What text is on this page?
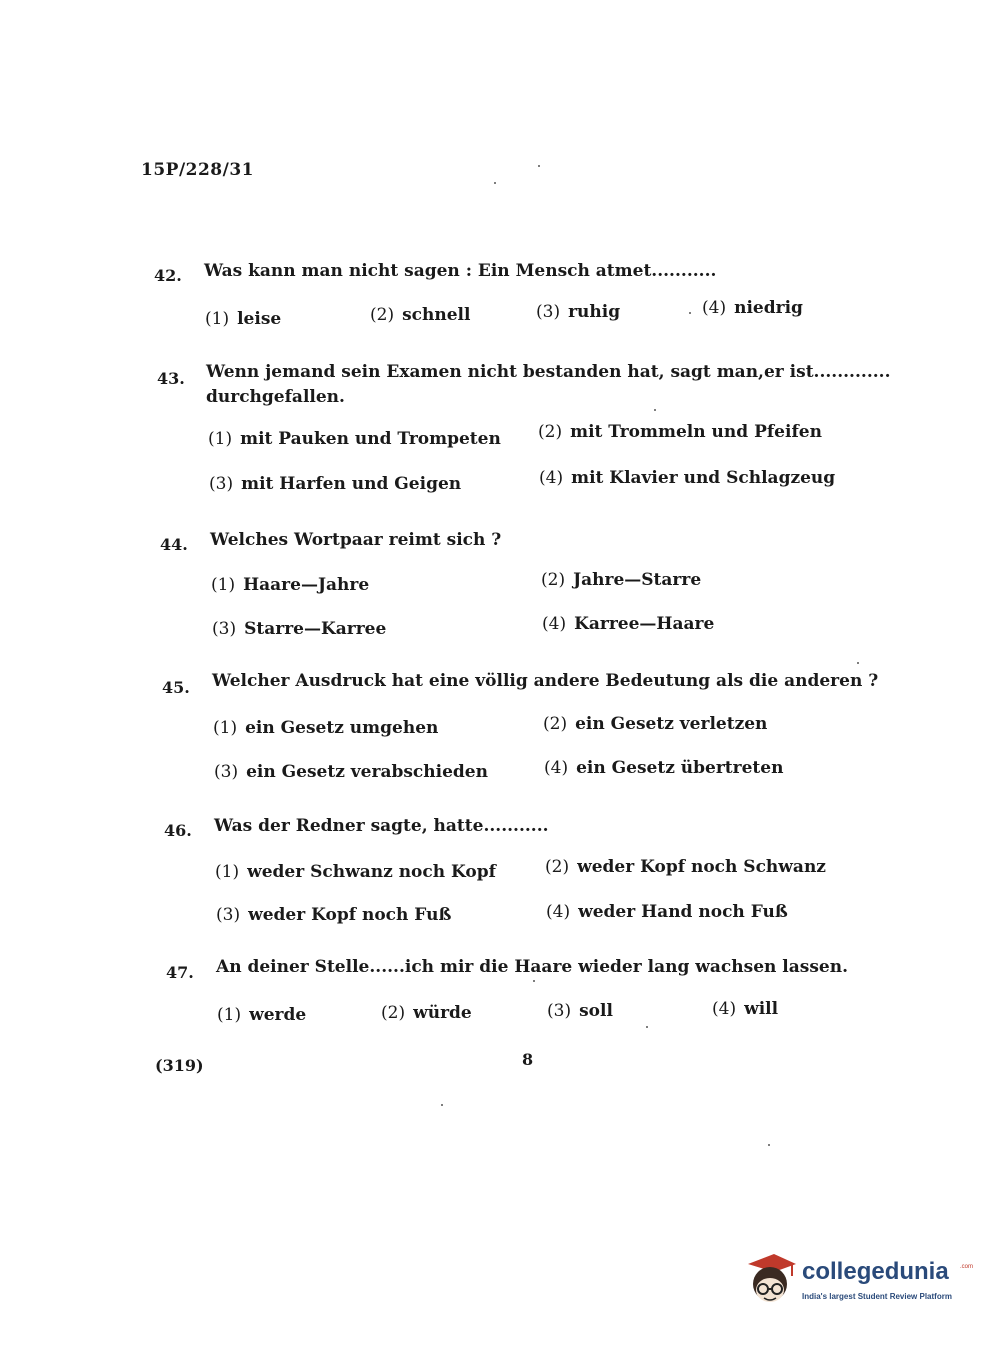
15P/228/31
42. Was kann man nicht sagen : Ein Mensch atmet...........
(1) leise	(2) schnell	(3) ruhig	(4) niedrig
43. Wenn jemand sein Examen nicht bestanden hat, sagt man,er ist.............
durchgefallen.
(1) mit Pauken und Trompeten (2) mit Trommeln und Pfeifen
(3) mit Harfen und Geigen	(4) mit Klavier und Schlagzeug
44. Welches Wortpaar reimt sich ?
(1) Haare—Jahre	(2) Jahre—Starre
(3) Starre—Karree	(4) Karree—Haare
45. Welcher Ausdruck hat eine völlig andere Bedeutung als die anderen ?
(1) ein Gesetz umgehen	(2) ein Gesetz verletzen
(3) ein Gesetz verabschieden	(4) ein Gesetz übertreten
46. Was der Redner sagte, hatte...........
(1) weder Schwanz noch Kopf	(2) weder Kopf noch Schwanz
(3) weder Kopf noch Fuß	(4) weder Hand noch Fuß
47. An deiner Stelle......ich mir die Haare wieder lang wachsen lassen.
(1) werde	(2) würde	(3) soll	(4) will
(319)	8
collegedunia .com
India's largest Student Review Platform
